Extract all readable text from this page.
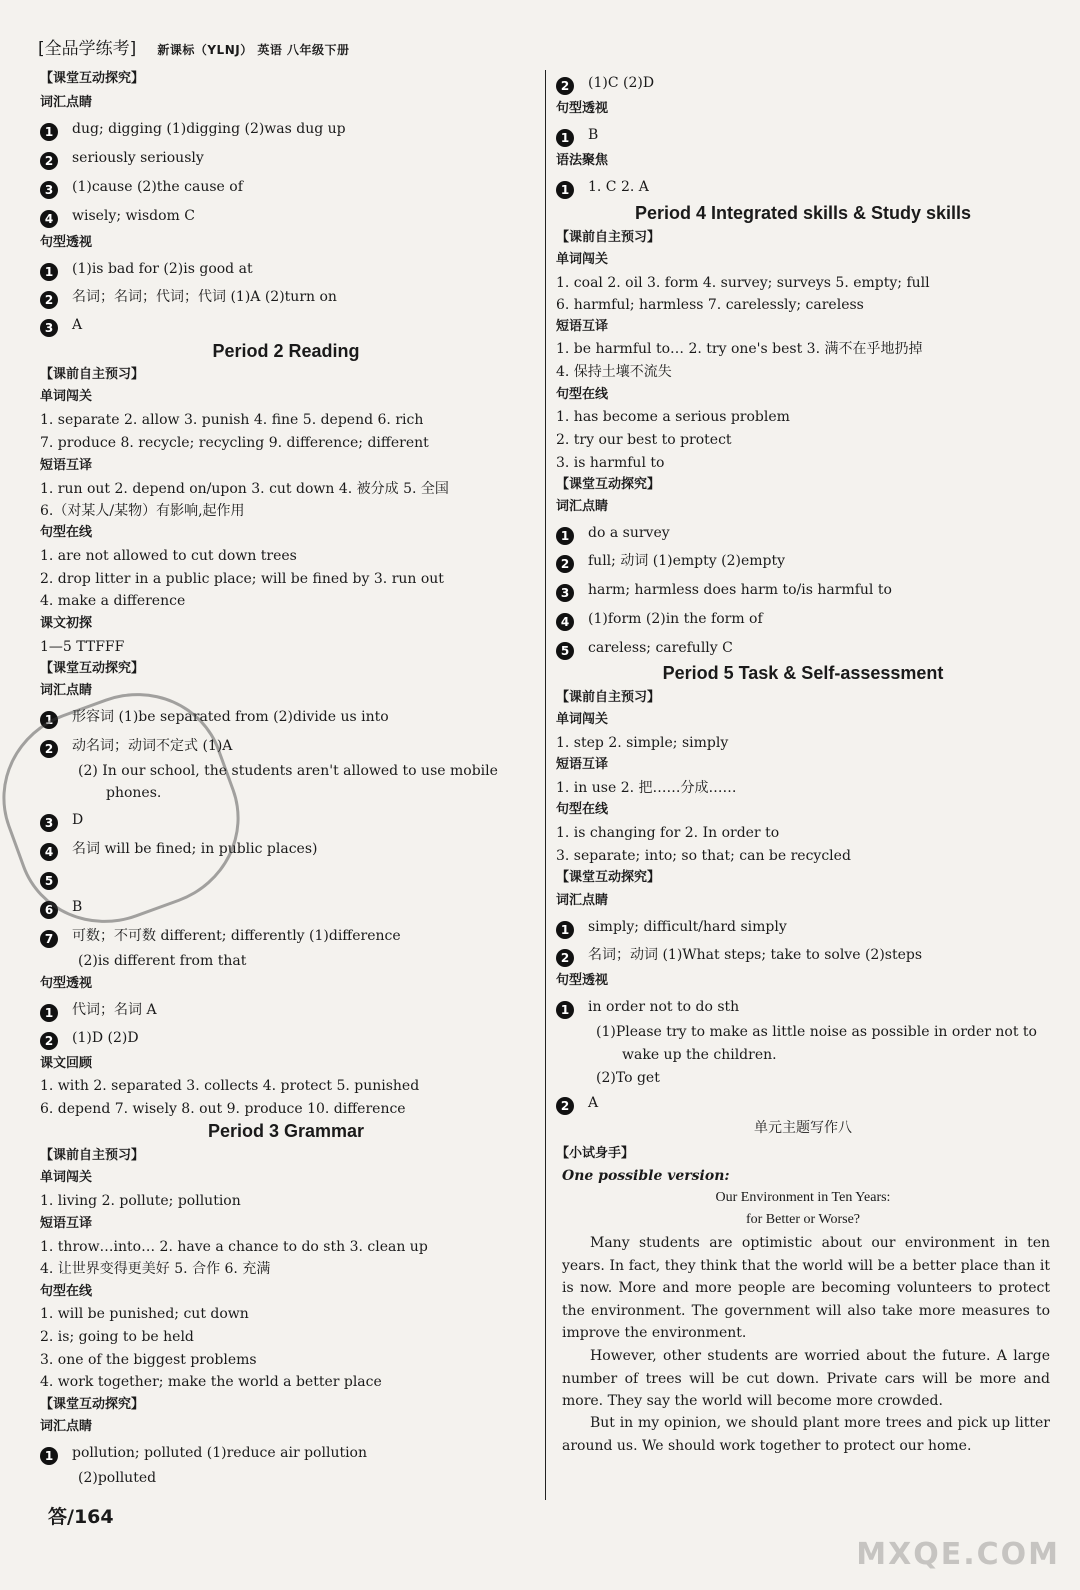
[全品学练考] 新课标（YLNJ） 英语 八年级下册
【课堂互动探究】
词汇点睛
1 dug; digging (1)digging (2)was dug up
2 seriously seriously
3 (1)cause (2)the cause of
4 wisely; wisdom C
句型透视
1 (1)is bad for (2)is good at
2 名词；名词；代词；代词 (1)A (2)turn on
3 A
Period 2 Reading
【课前自主预习】
单词闯关
1. separate 2. allow 3. punish 4. fine 5. depend 6. rich
7. produce 8. recycle; recycling 9. difference; different
短语互译
1. run out 2. depend on/upon 3. cut down 4. 被分成 5. 全国
6.（对某人/某物）有影响,起作用
句型在线
1. are not allowed to cut down trees
2. drop litter in a public place; will be fined by 3. run out
4. make a difference
课文初探
1—5 TTFFF
【课堂互动探究】
词汇点睛
1 形容词 (1)be separated from (2)divide us into
2 动名词；动词不定式 (1)A
(2) In our school, the students aren't allowed to use mobile
phones.
3 D
4 名词 will be fined; in public places)
5
6 B
7 可数；不可数 different; differently (1)difference
(2)is different from that
句型透视
1 代词；名词 A
2 (1)D (2)D
课文回顾
1. with 2. separated 3. collects 4. protect 5. punished
6. depend 7. wisely 8. out 9. produce 10. difference
Period 3 Grammar
【课前自主预习】
单词闯关
1. living 2. pollute; pollution
短语互译
1. throw…into… 2. have a chance to do sth 3. clean up
4. 让世界变得更美好 5. 合作 6. 充满
句型在线
1. will be punished; cut down
2. is; going to be held
3. one of the biggest problems
4. work together; make the world a better place
【课堂互动探究】
词汇点睛
1 pollution; polluted (1)reduce air pollution
(2)polluted
2 (1)C (2)D
句型透视
1 B
语法聚焦
1 1. C 2. A
Period 4 Integrated skills & Study skills
【课前自主预习】
单词闯关
1. coal 2. oil 3. form 4. survey; surveys 5. empty; full
6. harmful; harmless 7. carelessly; careless
短语互译
1. be harmful to… 2. try one's best 3. 满不在乎地扔掉
4. 保持土壤不流失
句型在线
1. has become a serious problem
2. try our best to protect
3. is harmful to
【课堂互动探究】
词汇点睛
1 do a survey
2 full; 动词 (1)empty (2)empty
3 harm; harmless does harm to/is harmful to
4 (1)form (2)in the form of
5 careless; carefully C
Period 5 Task & Self-assessment
【课前自主预习】
单词闯关
1. step 2. simple; simply
短语互译
1. in use 2. 把……分成……
句型在线
1. is changing for 2. In order to
3. separate; into; so that; can be recycled
【课堂互动探究】
词汇点睛
1 simply; difficult/hard simply
2 名词；动词 (1)What steps; take to solve (2)steps
句型透视
1 in order not to do sth
(1)Please try to make as little noise as possible in order not to
wake up the children.
(2)To get
2 A
单元主题写作八
【小试身手】
One possible version:
Our Environment in Ten Years:
for Better or Worse?
Many students are optimistic about our environment in ten years. In fact, they think that the world will be a better place than it is now. More and more people are becoming volunteers to protect the environment. The government will also take more measures to improve the environment.
However, other students are worried about the future. A large number of trees will be cut down. Private cars will be more and more. They say the world will become more crowded.
But in my opinion, we should plant more trees and pick up litter around us. We should work together to protect our home.
答/164
MXQE.COM
